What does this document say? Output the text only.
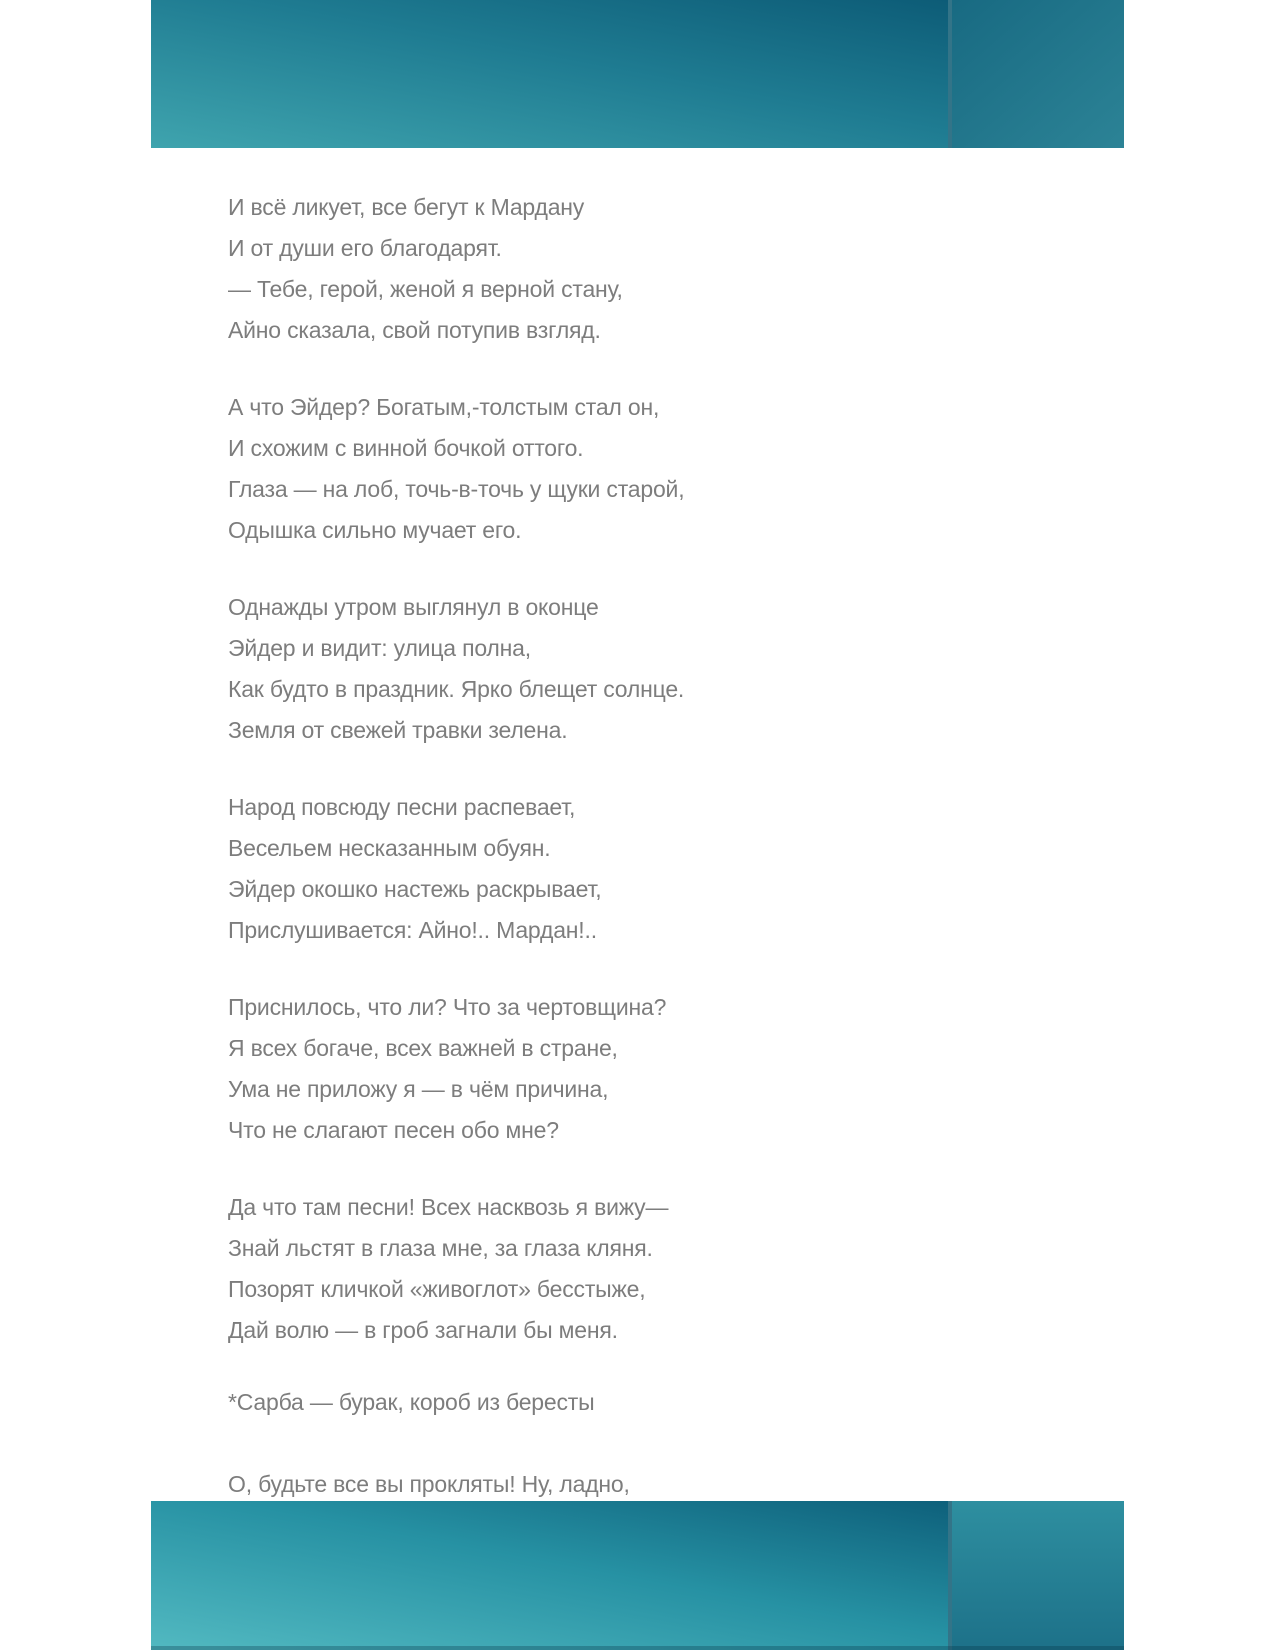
И всё ликует, все бегут к Мардану
И от души его благодарят.
— Тебе, герой, женой я верной стану,
Айно сказала, свой потупив взгляд.

А что Эйдер? Богатым,-толстым стал он,
И схожим с винной бочкой оттого.
Глаза — на лоб, точь-в-точь у щуки старой,
Одышка сильно мучает его.

Однажды утром выглянул в оконце
Эйдер и видит: улица полна,
Как будто в праздник. Ярко блещет солнце.
Земля от свежей травки зелена.

Народ повсюду песни распевает,
Весельем несказанным обуян.
Эйдер окошко настежь раскрывает,
Прислушивается: Айно!.. Мардан!..

Приснилось, что ли? Что за чертовщина?
Я всех богаче, всех важней в стране,
Ума не приложу я — в чём причина,
Что не слагают песен обо мне?

Да что там песни! Всех насквозь я вижу—
Знай льстят в глаза мне, за глаза кляня.
Позорят кличкой «живоглот» бесстыже,
Дай волю — в гроб загнали бы меня.

*Сарба — бурак, короб из бересты

О, будьте все вы прокляты! Ну, ладно,
